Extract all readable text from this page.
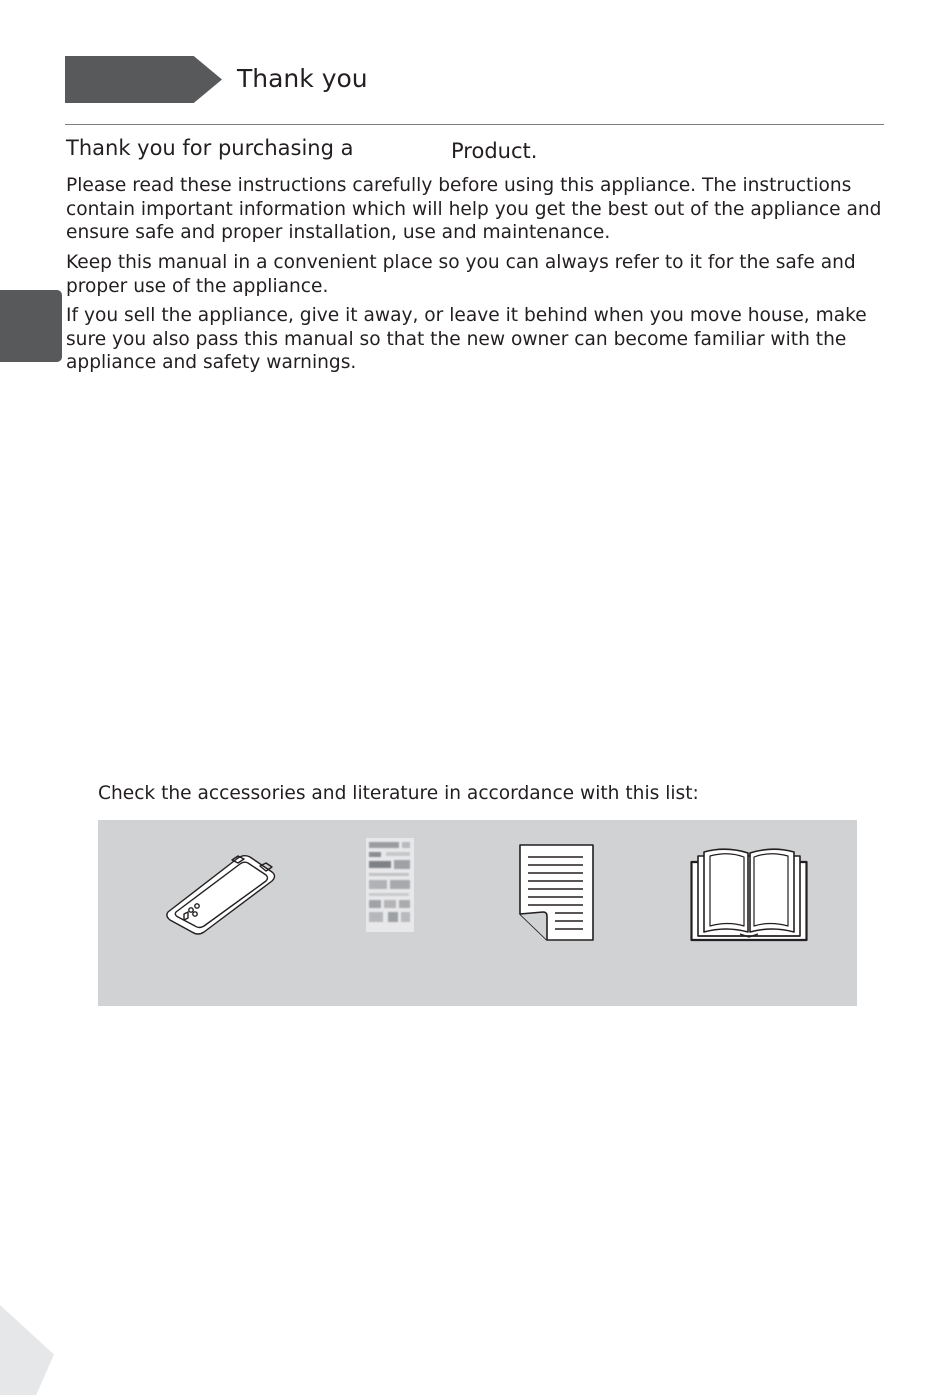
Thank you

Thank you for purchasing a	Product.

Please read these instructions carefully before using this appliance. The instructions contain important information which will help you get the best out of the appliance and ensure safe and proper installation, use and maintenance.

Keep this manual in a convenient place so you can always refer to it for the safe and proper use of the appliance.

If you sell the appliance, give it away, or leave it behind when you move house, make sure you also pass this manual so that the new owner can become familiar with the appliance and safety warnings.

Check the accessories and literature in accordance with this list:
